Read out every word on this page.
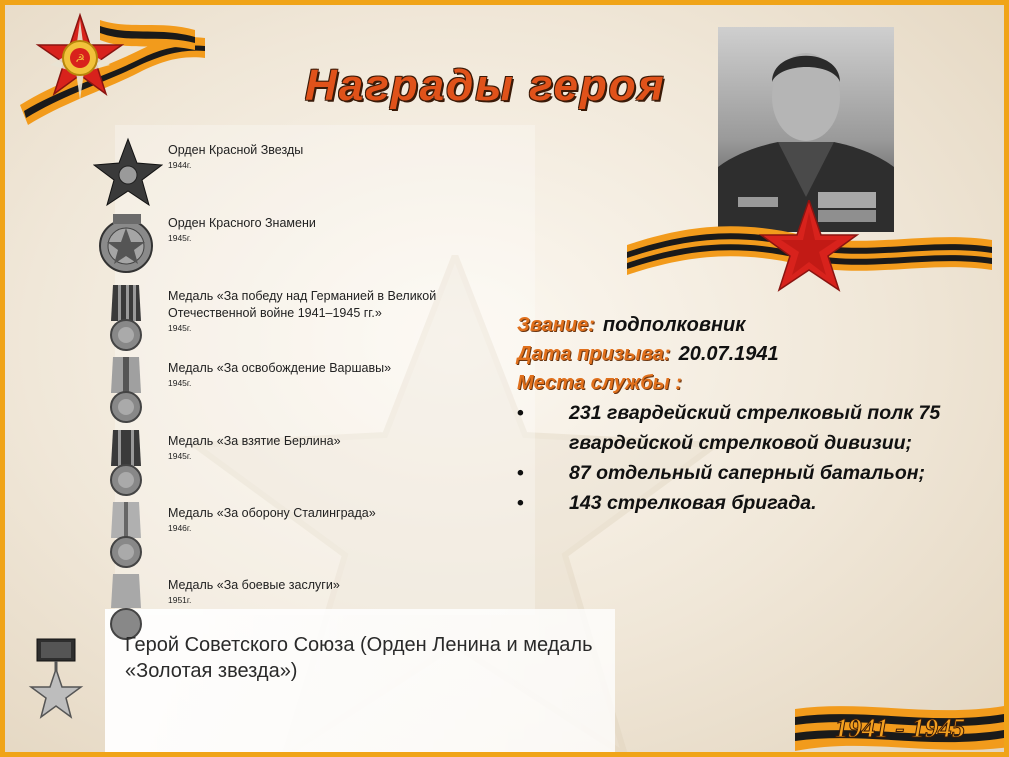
☭
Награды героя
Орден Красной Звезды
1944г.
Орден Красного Знамени
1945г.
Медаль «За победу над Германией в Великой Отечественной войне 1941–1945 гг.»
1945г.
Медаль «За освобождение Варшавы»
1945г.
Медаль «За взятие Берлина»
1945г.
Медаль «За оборону Сталинграда»
1946г.
Медаль «За боевые заслуги»
1951г.
Герой Советского Союза (Орден Ленина и медаль «Золотая звезда»)
Звание: подполковник
Дата призыва: 20.07.1941
Места службы :
• 231 гвардейский стрелковый полк 75 гвардейской стрелковой дивизии;
• 87 отдельный саперный батальон;
• 143 стрелковая бригада.
1941 - 1945
